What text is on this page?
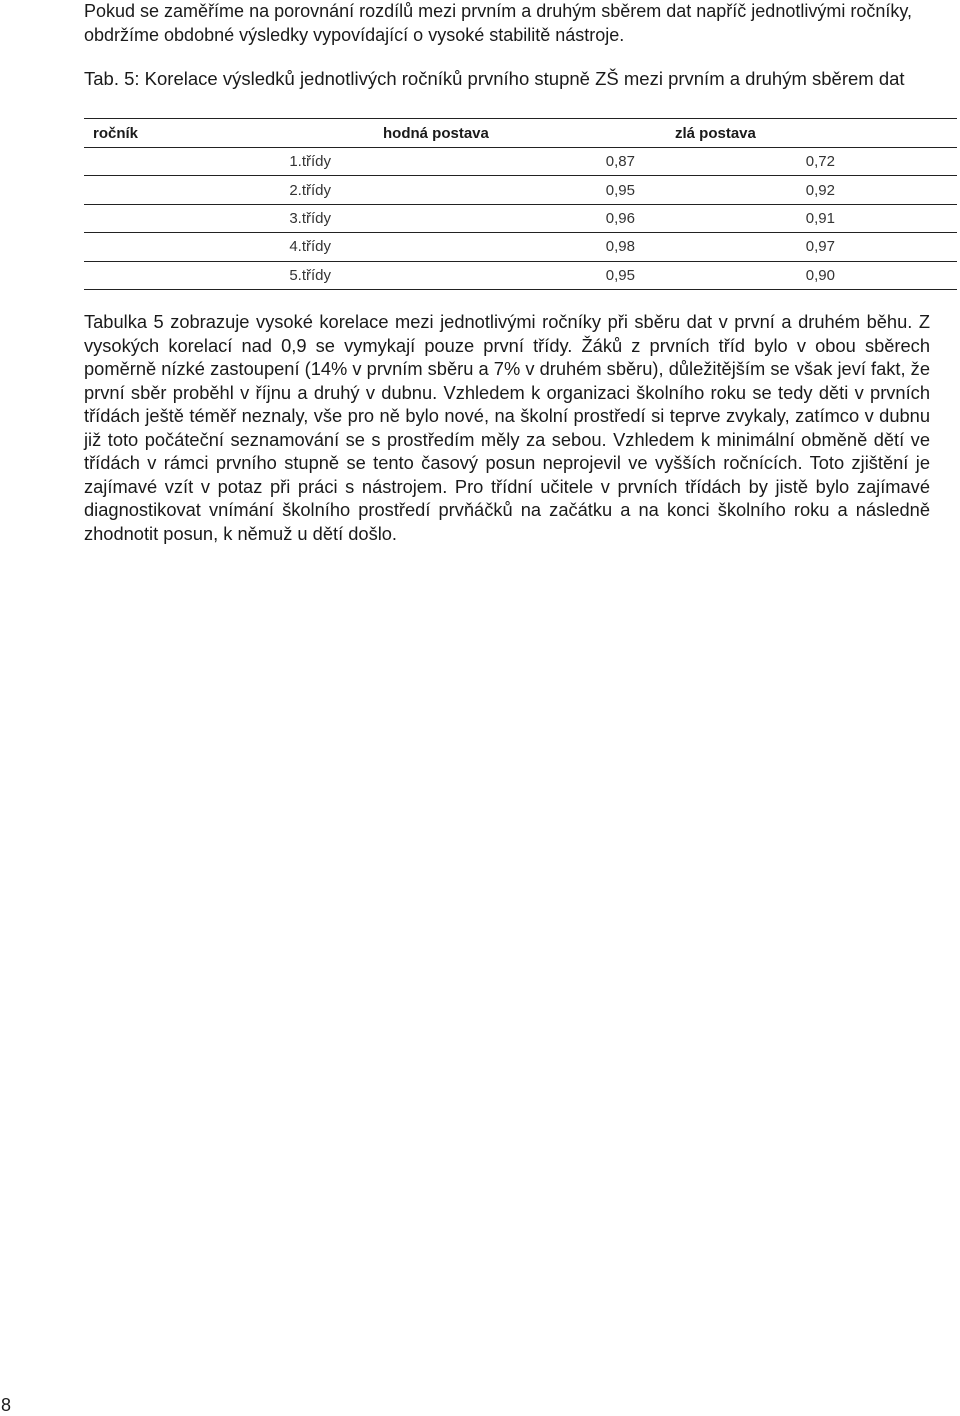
Pokud se zaměříme na porovnání rozdílů mezi prvním a druhým sběrem dat napříč jednotlivými ročníky, obdržíme obdobné výsledky vypovídající o vysoké stabilitě nástroje.

Tab. 5: Korelace výsledků jednotlivých ročníků prvního stupně ZŠ mezi prvním a druhým sběrem dat

ročník	hodná postava	zlá postava
1.třídy	0,87	0,72
2.třídy	0,95	0,92
3.třídy	0,96	0,91
4.třídy	0,98	0,97
5.třídy	0,95	0,90

Tabulka 5 zobrazuje vysoké korelace mezi jednotlivými ročníky při sběru dat v první a druhém běhu. Z vysokých korelací nad 0,9 se vymykají pouze první třídy. Žáků z prvních tříd bylo v obou sběrech poměrně nízké zastoupení (14% v prvním sběru a 7% v druhém sběru), důležitějším se však jeví fakt, že první sběr proběhl v říjnu a druhý v dubnu. Vzhledem k organizaci školního roku se tedy děti v prvních třídách ještě téměř neznaly, vše pro ně bylo nové, na školní prostředí si teprve zvykaly, zatímco v dubnu již toto počáteční seznamování se s prostředím měly za sebou. Vzhledem k minimální obměně dětí ve třídách v rámci prvního stupně se tento časový posun neprojevil ve vyšších ročnících. Toto zjištění je zajímavé vzít v potaz při práci s nástrojem. Pro třídní učitele v prvních třídách by jistě bylo zajímavé diagnostikovat vnímání školního prostředí prvňáčků na začátku a na konci školního roku a následně zhodnotit posun, k němuž u dětí došlo.

8
